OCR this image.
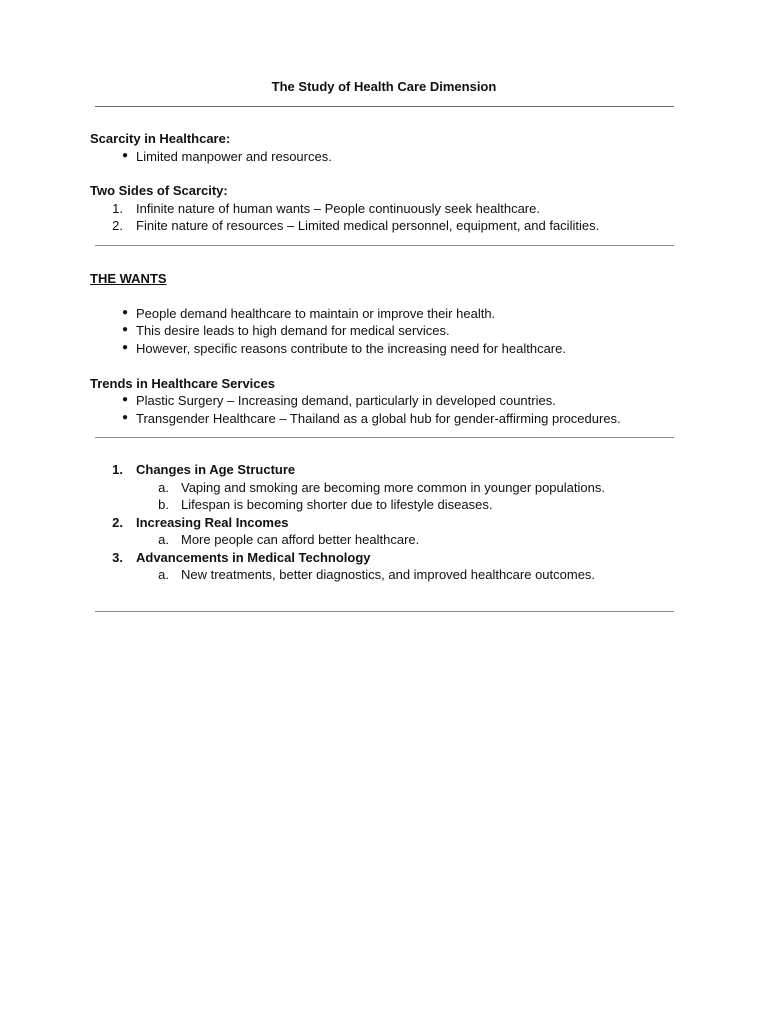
The Study of Health Care Dimension
Scarcity in Healthcare:
● Limited manpower and resources.
Two Sides of Scarcity:
1. Infinite nature of human wants – People continuously seek healthcare.
2. Finite nature of resources – Limited medical personnel, equipment, and facilities.
THE WANTS
● People demand healthcare to maintain or improve their health.
● This desire leads to high demand for medical services.
● However, specific reasons contribute to the increasing need for healthcare.
Trends in Healthcare Services
● Plastic Surgery – Increasing demand, particularly in developed countries.
● Transgender Healthcare – Thailand as a global hub for gender-affirming procedures.
1. Changes in Age Structure
a. Vaping and smoking are becoming more common in younger populations.
b. Lifespan is becoming shorter due to lifestyle diseases.
2. Increasing Real Incomes
a. More people can afford better healthcare.
3. Advancements in Medical Technology
a. New treatments, better diagnostics, and improved healthcare outcomes.
